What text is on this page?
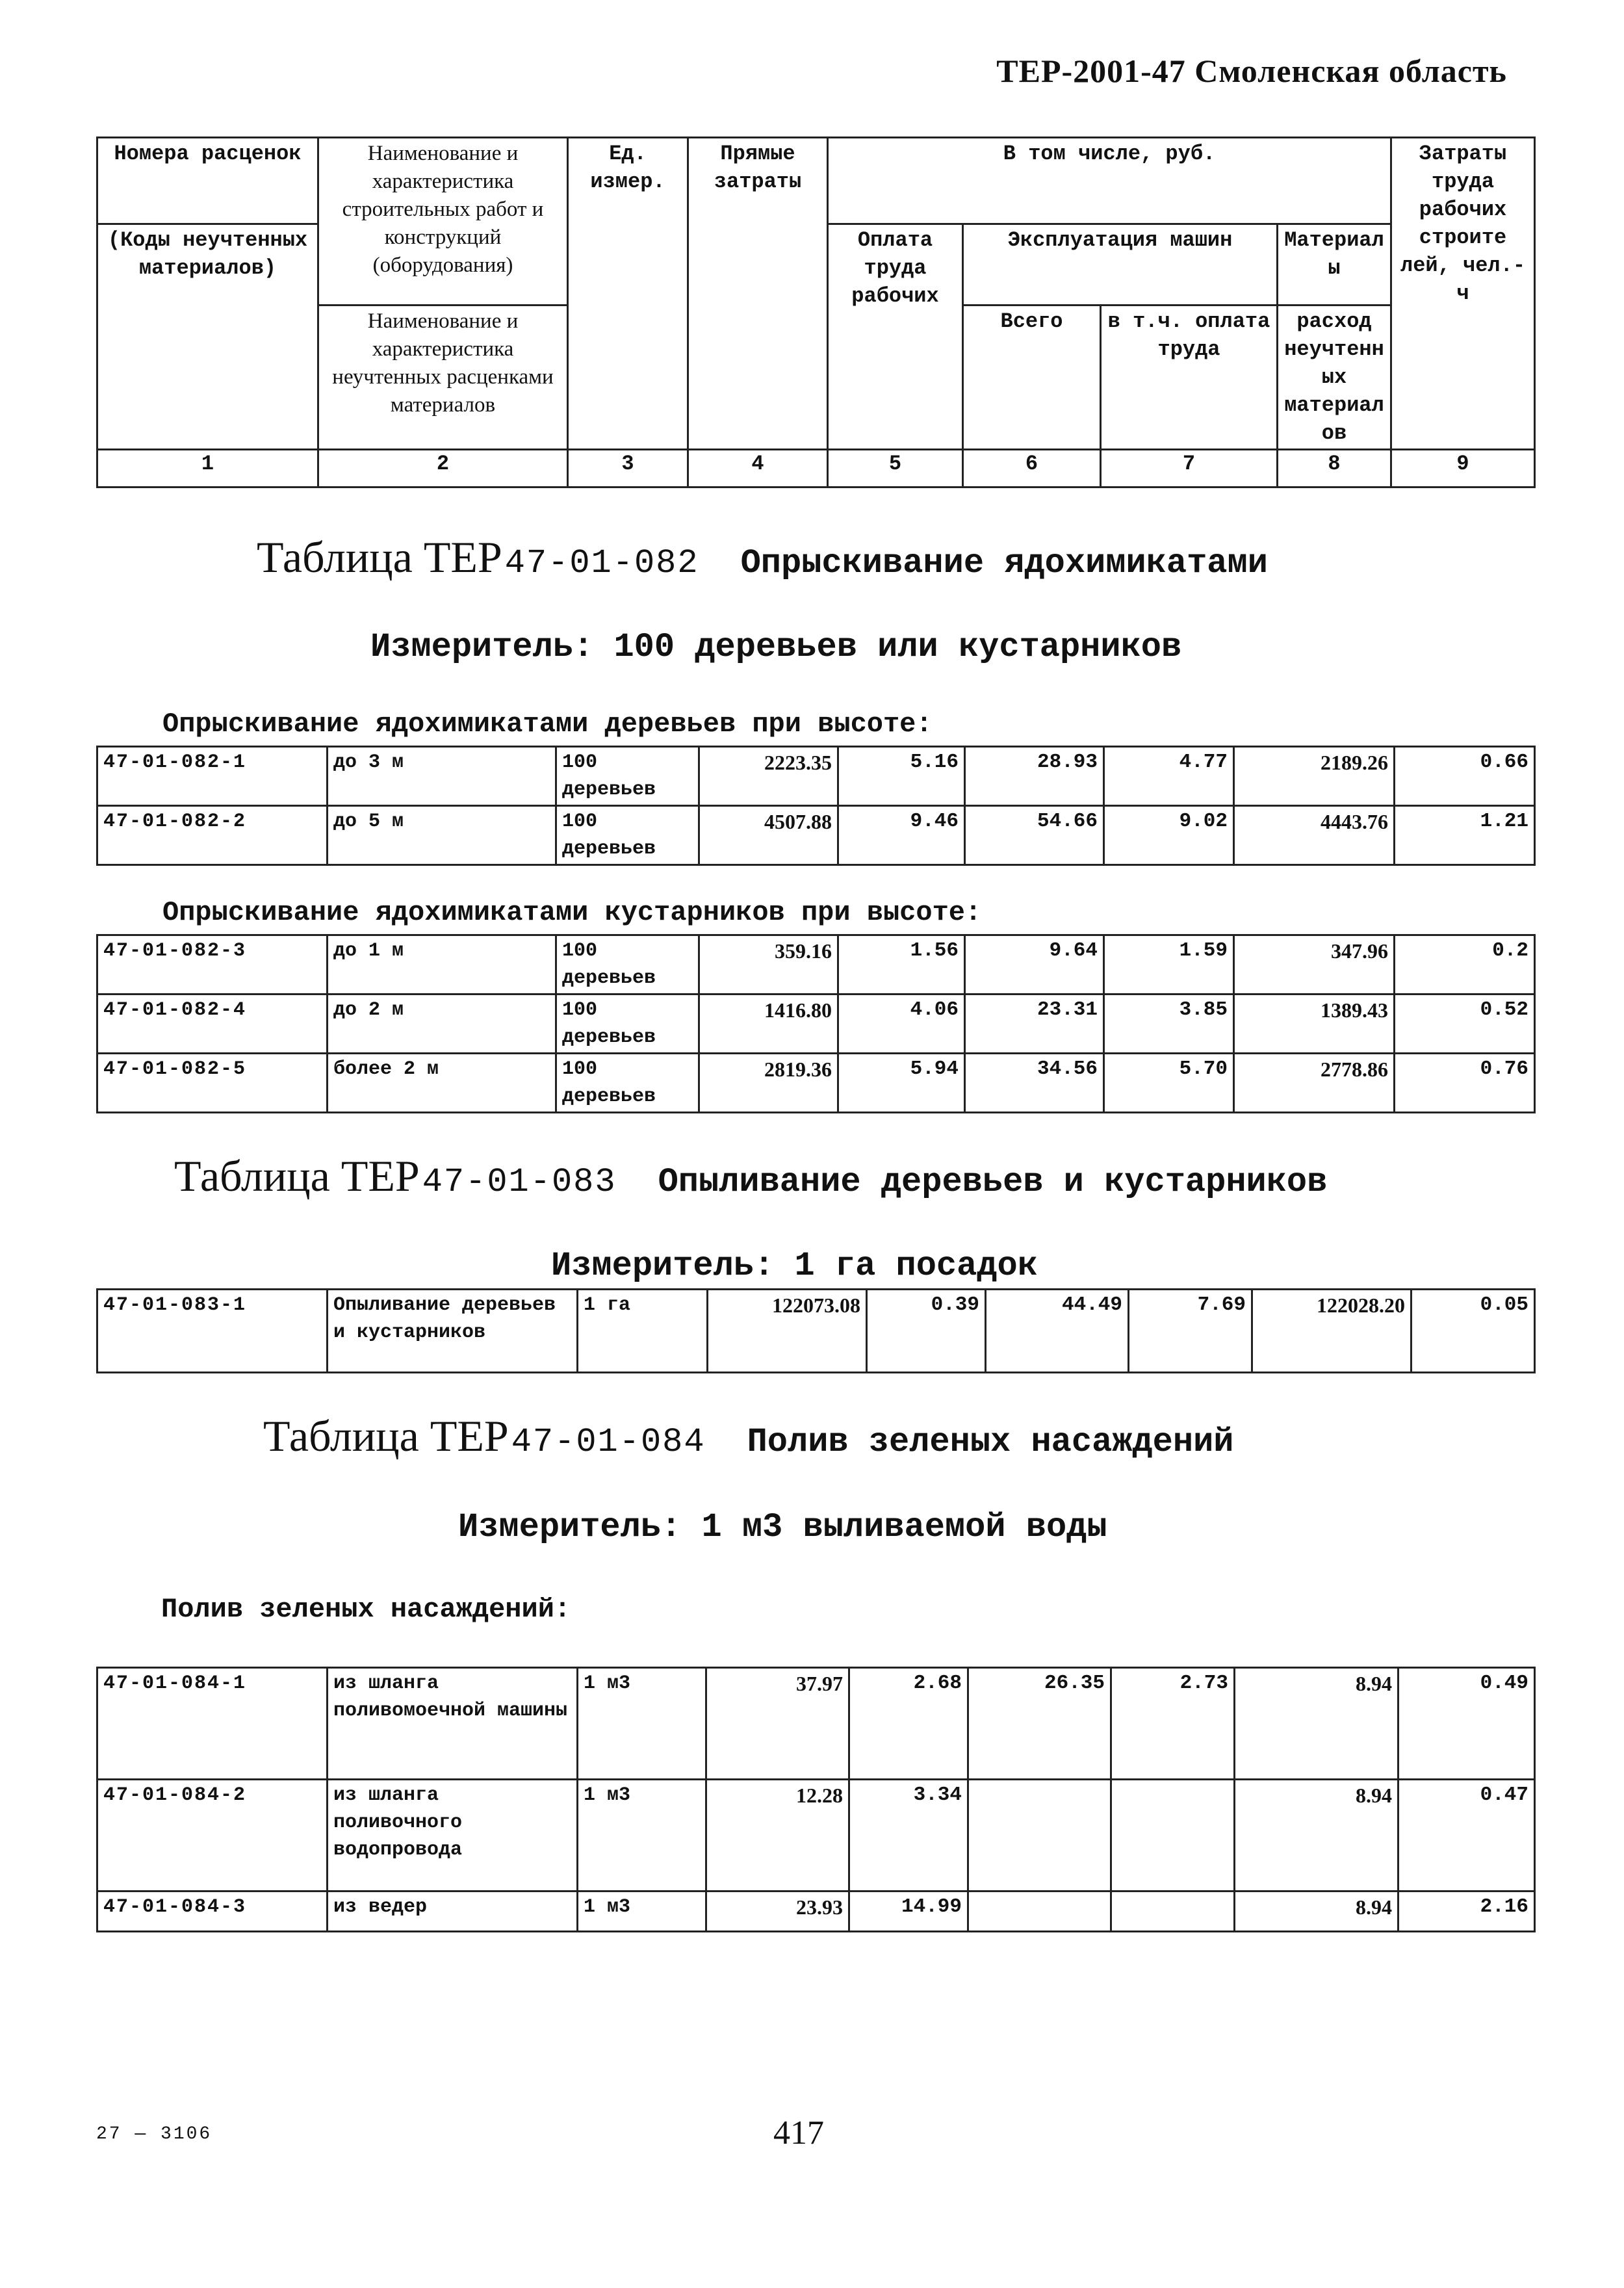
ТЕР-2001-47 Смоленская область
Номера расценок	Наименование и характеристика строительных работ и конструкций (оборудования)	Ед. измер.	Прямые затраты	В том числе, руб.				Затраты труда рабочих строите лей, чел.-ч
(Коды неучтенных материалов)				Оплата труда рабочих	Эксплуатация машин		Материал ы	
	Наименование и характеристика неучтенных расценками материалов				Всего	в т.ч. оплата труда	расход неучтенн ых материал ов	
1	2	3	4	5	6	7	8	9
Таблица ТЕР 47-01-082 Опрыскивание ядохимикатами
Измеритель: 100 деревьев или кустарников
Опрыскивание ядохимикатами деревьев при высоте:
47-01-082-1	до 3 м	100 деревьев	2223.35	5.16	28.93	4.77	2189.26	0.66
47-01-082-2	до 5 м	100 деревьев	4507.88	9.46	54.66	9.02	4443.76	1.21
Опрыскивание ядохимикатами кустарников при высоте:
47-01-082-3	до 1 м	100 деревьев	359.16	1.56	9.64	1.59	347.96	0.2
47-01-082-4	до 2 м	100 деревьев	1416.80	4.06	23.31	3.85	1389.43	0.52
47-01-082-5	более 2 м	100 деревьев	2819.36	5.94	34.56	5.70	2778.86	0.76
Таблица ТЕР 47-01-083 Опыливание деревьев и кустарников
Измеритель: 1 га посадок
47-01-083-1	Опыливание деревьев и кустарников	1 га	122073.08	0.39	44.49	7.69	122028.20	0.05
Таблица ТЕР 47-01-084 Полив зеленых насаждений
Измеритель: 1 м3 выливаемой воды
Полив зеленых насаждений:
47-01-084-1	из шланга поливомоечной машины	1 м3	37.97	2.68	26.35	2.73	8.94	0.49
47-01-084-2	из шланга поливочного водопровода	1 м3	12.28	3.34			8.94	0.47
47-01-084-3	из ведер	1 м3	23.93	14.99			8.94	2.16
27 — 3106	417
